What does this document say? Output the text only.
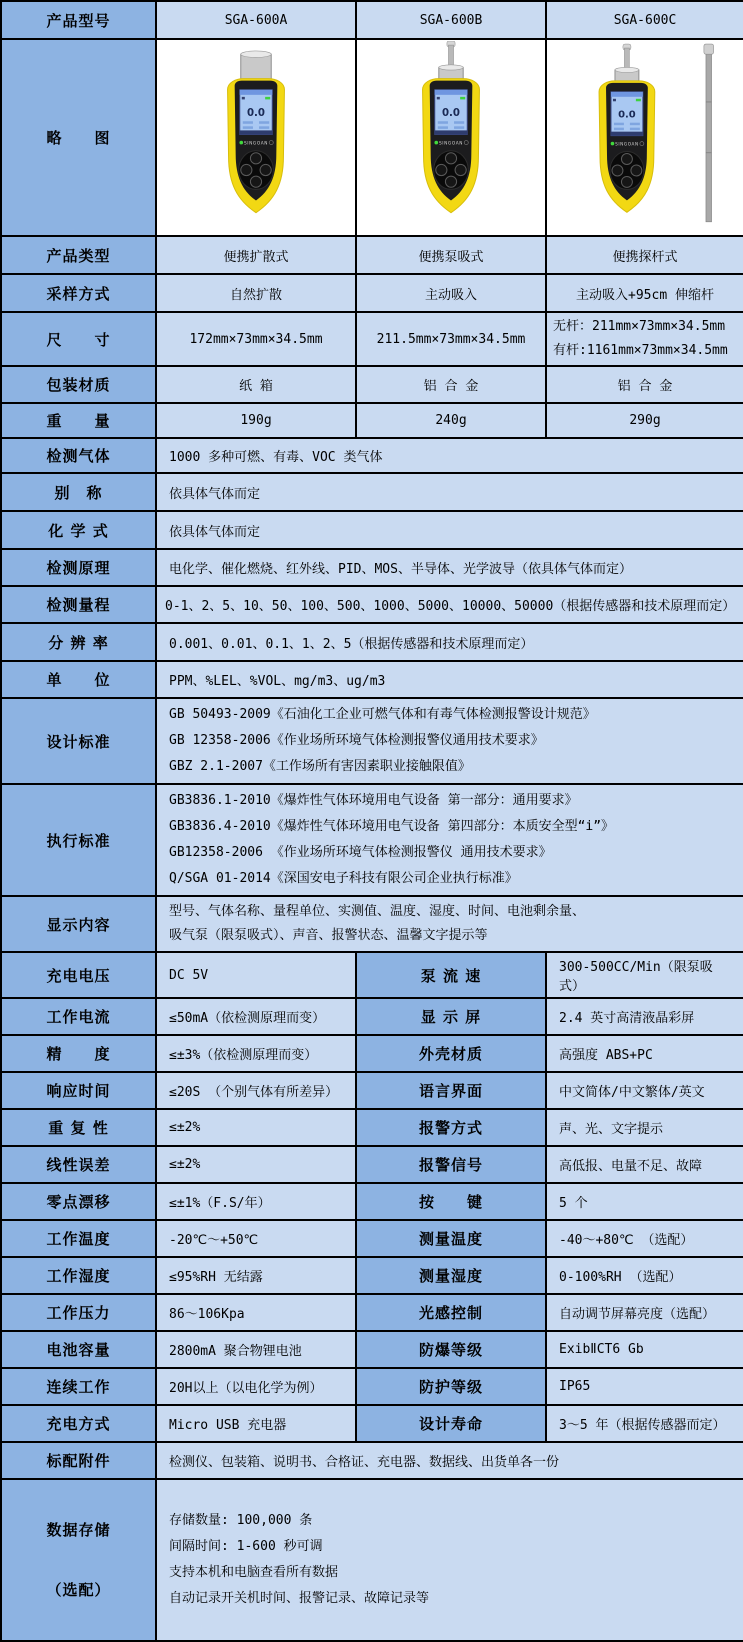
产品型号	SGA-600A	SGA-600B	SGA-600C
略　　图	

产品类型	便携扩散式	便携泵吸式	便携探杆式
采样方式	自然扩散	主动吸入	主动吸入+95cm 伸缩杆
尺　　寸	172mm×73mm×34.5mm	211.5mm×73mm×34.5mm	无杆：211mm×73mm×34.5mm
有杆:1161mm×73mm×34.5mm

包装材质	纸 箱	铝 合 金	铝 合 金
重　　量	190g	240g	290g
检测气体	1000 多种可燃、有毒、VOC 类气体		
别　称	依具体气体而定		
化 学 式	依具体气体而定		
检测原理	电化学、催化燃烧、红外线、PID、MOS、半导体、光学波导（依具体气体而定）		
检测量程	0-1、2、5、10、50、100、500、1000、5000、10000、50000（根据传感器和技术原理而定）		
分 辨 率	0.001、0.01、0.1、1、2、5（根据传感器和技术原理而定）		
单　　位	PPM、%LEL、%VOL、mg/m3、ug/m3		
设计标准	GB 50493-2009《石油化工企业可燃气体和有毒气体检测报警设计规范》
GB 12358-2006《作业场所环境气体检测报警仪通用技术要求》
GBZ 2.1-2007《工作场所有害因素职业接触限值》		

执行标准	GB3836.1-2010《爆炸性气体环境用电气设备 第一部分：通用要求》
GB3836.4-2010《爆炸性气体环境用电气设备 第四部分：本质安全型“i”》
GB12358-2006 《作业场所环境气体检测报警仪 通用技术要求》
Q/SGA 01-2014《深国安电子科技有限公司企业执行标准》		

显示内容	型号、气体名称、量程单位、实测值、温度、湿度、时间、电池剩余量、
吸气泵（限泵吸式）、声音、报警状态、温馨文字提示等		

充电电压	DC 5V	泵 流 速	300-500CC/Min（限泵吸式）
工作电流	≤50mA（依检测原理而变）	显 示 屏	2.4 英寸高清液晶彩屏
精　　度	≤±3%（依检测原理而变）	外壳材质	高强度 ABS+PC
响应时间	≤20S （个别气体有所差异）	语言界面	中文简体/中文繁体/英文
重 复 性	≤±2%	报警方式	声、光、文字提示
线性误差	≤±2%	报警信号	高低报、电量不足、故障
零点漂移	≤±1%（F.S/年）	按　　键	5 个
工作温度	-20℃～+50℃	测量温度	-40～+80℃ （选配）
工作湿度	≤95%RH 无结露	测量湿度	0-100%RH （选配）
工作压力	86～106Kpa	光感控制	自动调节屏幕亮度（选配）
电池容量	2800mA 聚合物锂电池	防爆等级	ExibⅡCT6 Gb
连续工作	20H以上（以电化学为例）	防护等级	IP65
充电方式	Micro USB 充电器	设计寿命	3～5 年（根据传感器而定）
标配附件	检测仪、包装箱、说明书、合格证、充电器、数据线、出货单各一份		

数据存储

（选配）

存储数量: 100,000 条
间隔时间: 1-600 秒可调
支持本机和电脑查看所有数据
自动记录开关机时间、报警记录、故障记录等
